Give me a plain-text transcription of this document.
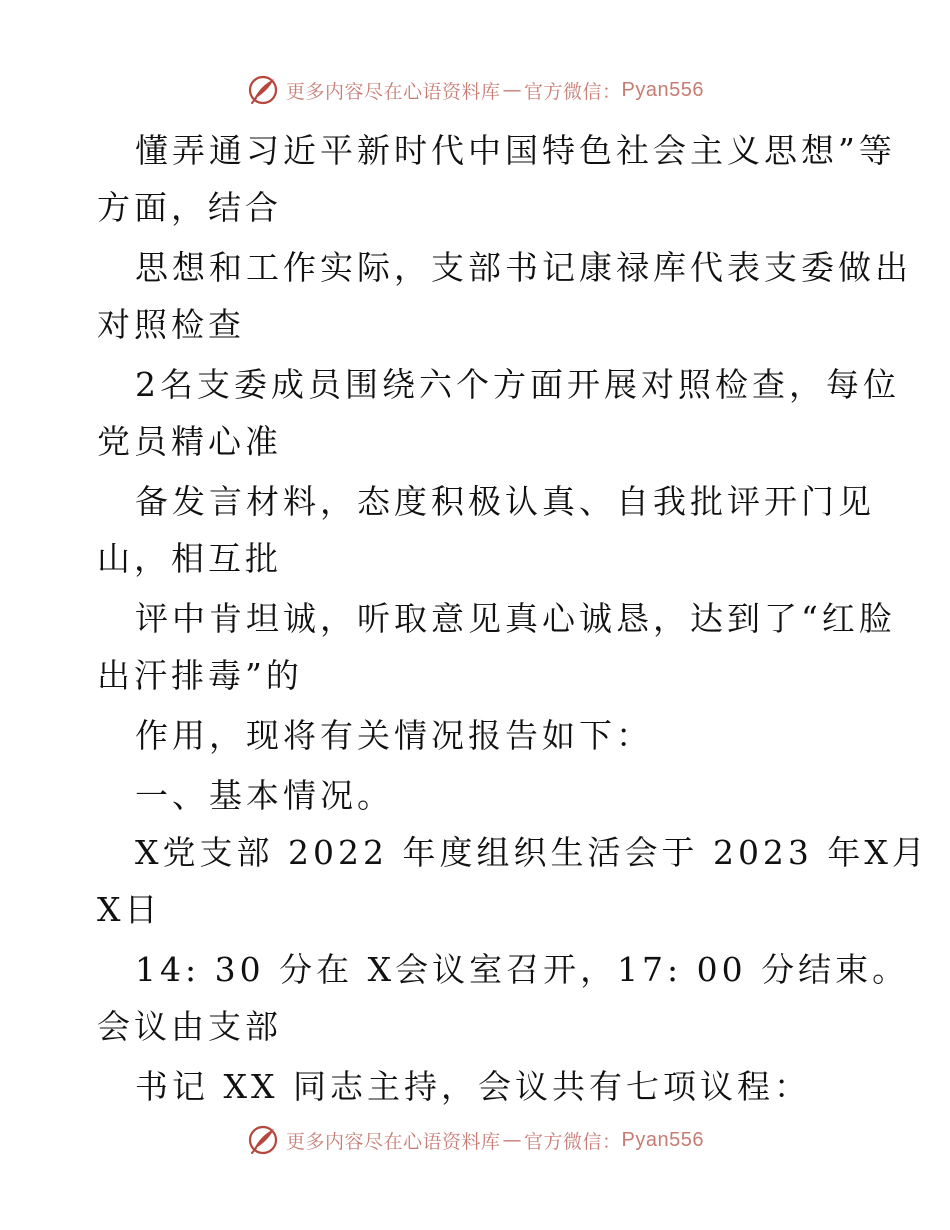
更多内容尽在心语资料库 — 官方微信： Pyan556
懂弄通习近平新时代中国特色社会主义思想”等
方面，结合
思想和工作实际，支部书记康禄库代表支委做出
对照检查
2名支委成员围绕六个方面开展对照检查，每位
党员精心准
备发言材料，态度积极认真、自我批评开门见
山，相互批
评中肯坦诚，听取意见真心诚恳，达到了“红脸
出汗排毒”的
作用，现将有关情况报告如下：
一、基本情况。
X党支部 2022 年度组织生活会于 2023 年X月
X日
14: 30 分在 X会议室召开，17: 00 分结束。
会议由支部
书记 XX 同志主持，会议共有七项议程：
更多内容尽在心语资料库 — 官方微信： Pyan556
